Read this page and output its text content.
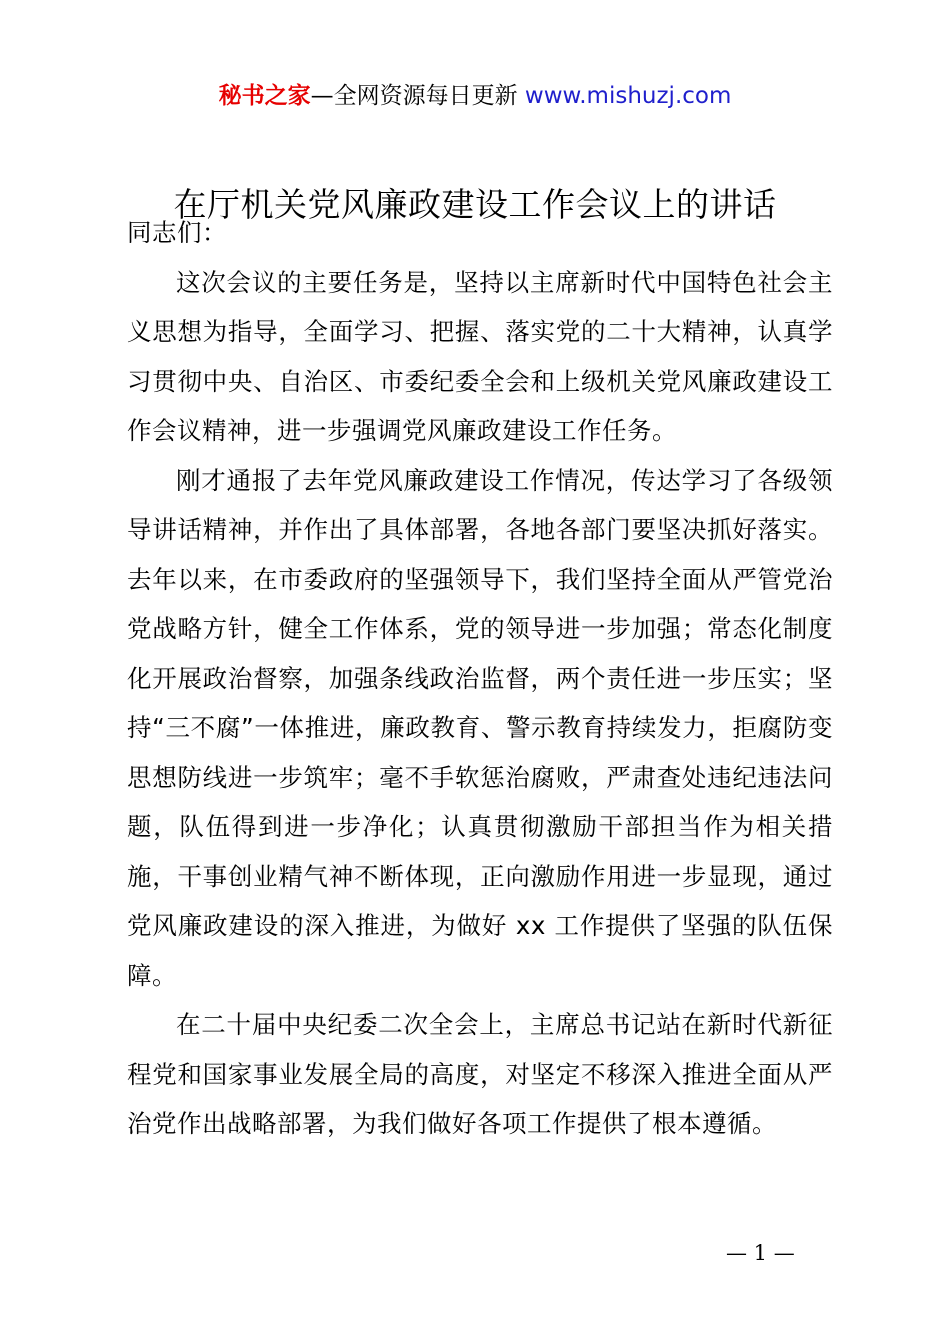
秘书之家—全网资源每日更新 www.mishuzj.com
在厅机关党风廉政建设工作会议上的讲话

同志们：

这次会议的主要任务是，坚持以主席新时代中国特色社会主义思想为指导，全面学习、把握、落实党的二十大精神，认真学习贯彻中央、自治区、市委纪委全会和上级机关党风廉政建设工作会议精神，进一步强调党风廉政建设工作任务。

刚才通报了去年党风廉政建设工作情况，传达学习了各级领导讲话精神，并作出了具体部署，各地各部门要坚决抓好落实。去年以来，在市委政府的坚强领导下，我们坚持全面从严管党治党战略方针，健全工作体系，党的领导进一步加强；常态化制度化开展政治督察，加强条线政治监督，两个责任进一步压实；坚持“三不腐”一体推进，廉政教育、警示教育持续发力，拒腐防变思想防线进一步筑牢；毫不手软惩治腐败，严肃查处违纪违法问题，队伍得到进一步净化；认真贯彻激励干部担当作为相关措施，干事创业精气神不断体现，正向激励作用进一步显现，通过党风廉政建设的深入推进，为做好 xx 工作提供了坚强的队伍保障。

在二十届中央纪委二次全会上，主席总书记站在新时代新征程党和国家事业发展全局的高度，对坚定不移深入推进全面从严治党作出战略部署，为我们做好各项工作提供了根本遵循。

— 1 —
